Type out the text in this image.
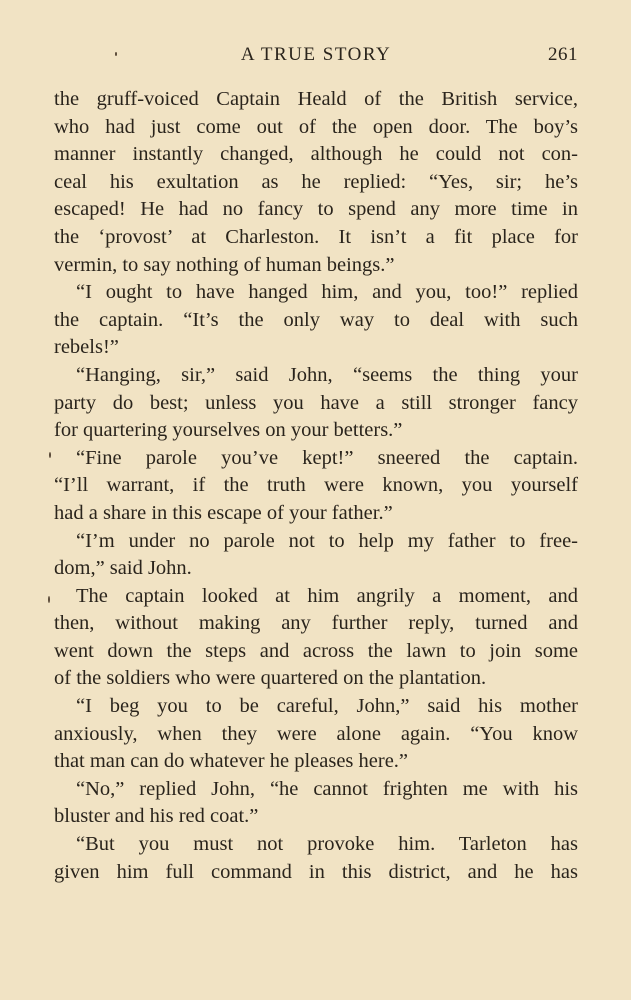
A TRUE STORY	261
the gruff-voiced Captain Heald of the British service,
who had just come out of the open door. The boy’s
manner instantly changed, although he could not con-
ceal his exultation as he replied: “Yes, sir; he’s
escaped! He had no fancy to spend any more time in
the ‘provost’ at Charleston. It isn’t a fit place for
vermin, to say nothing of human beings.”
“I ought to have hanged him, and you, too!” replied
the captain. “It’s the only way to deal with such
rebels!”
“Hanging, sir,” said John, “seems the thing your
party do best; unless you have a still stronger fancy
for quartering yourselves on your betters.”
“Fine parole you’ve kept!” sneered the captain.
“I’ll warrant, if the truth were known, you yourself
had a share in this escape of your father.”
“I’m under no parole not to help my father to free-
dom,” said John.
The captain looked at him angrily a moment, and
then, without making any further reply, turned and
went down the steps and across the lawn to join some
of the soldiers who were quartered on the plantation.
“I beg you to be careful, John,” said his mother
anxiously, when they were alone again. “You know
that man can do whatever he pleases here.”
“No,” replied John, “he cannot frighten me with his
bluster and his red coat.”
“But you must not provoke him. Tarleton has
given him full command in this district, and he has
